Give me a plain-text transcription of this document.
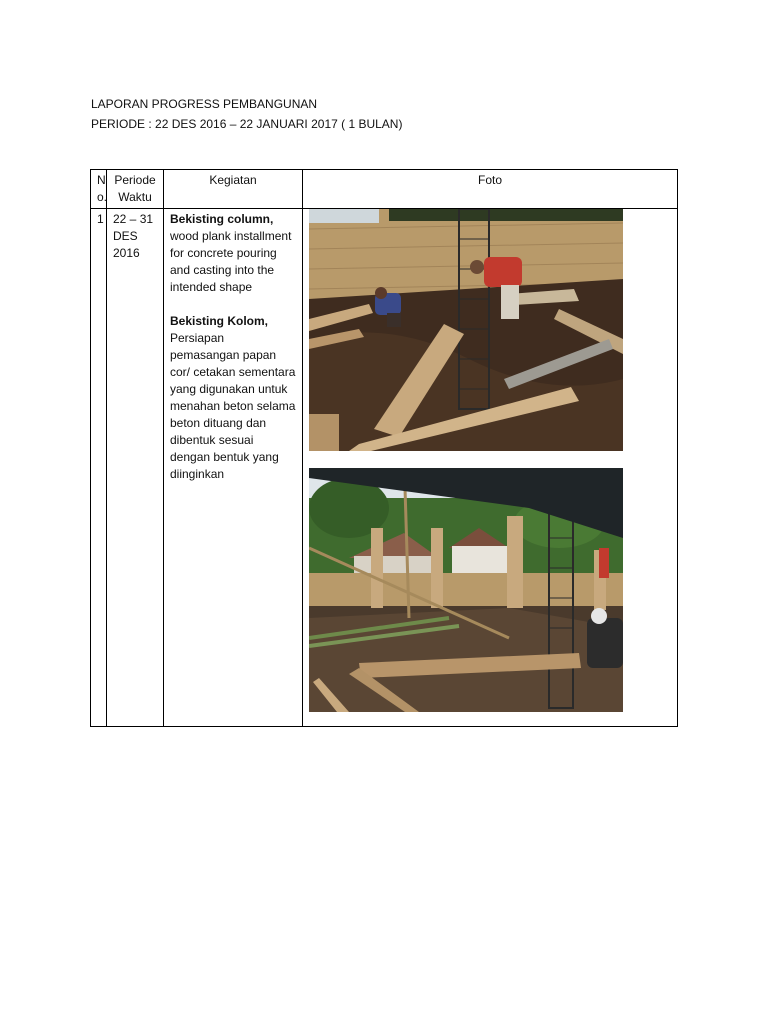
LAPORAN PROGRESS PEMBANGUNAN
PERIODE : 22 DES 2016 – 22 JANUARI 2017 ( 1 BULAN)
N
o.	Periode Waktu	Kegiatan	Foto
1	22 – 31 DES 2016	Bekisting column, wood plank installment for concrete pouring and casting into the intended shape
Bekisting Kolom, Persiapan pemasangan papan cor/ cetakan sementara yang digunakan untuk menahan beton selama beton dituang dan dibentuk sesuai dengan bentuk yang diinginkan
